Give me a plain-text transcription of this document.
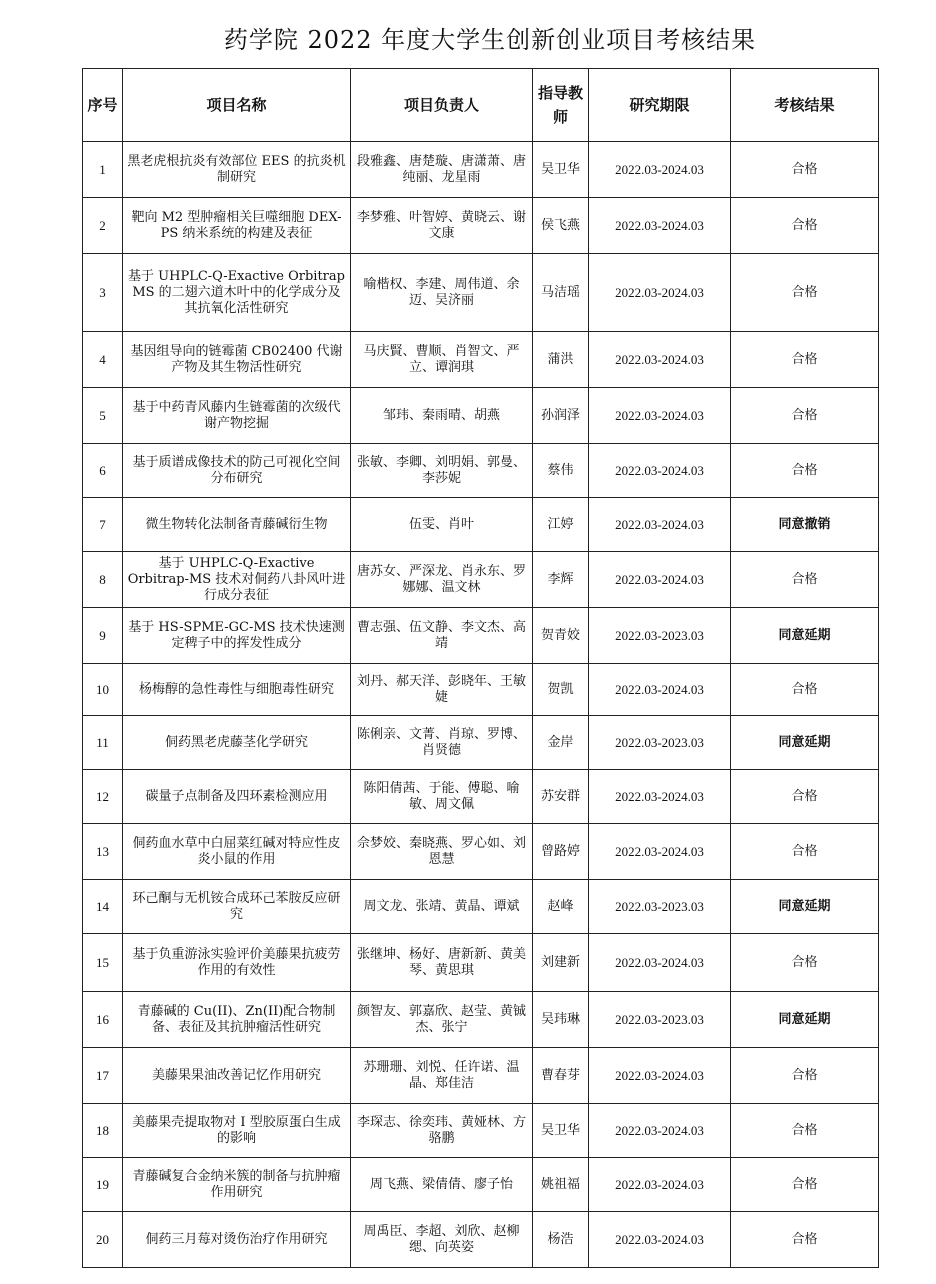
药学院 2022 年度大学生创新创业项目考核结果
序号	项目名称	项目负责人	指导教师	研究期限	考核结果
1	黑老虎根抗炎有效部位 EES 的抗炎机制研究	段雅鑫、唐楚璇、唐潇萧、唐纯丽、龙星雨	吴卫华	2022.03-2024.03	合格
2	靶向 M2 型肿瘤相关巨噬细胞 DEX-PS 纳米系统的构建及表征	李梦雅、叶智婷、黄晓云、谢文康	侯飞燕	2022.03-2024.03	合格
3	基于 UHPLC-Q-Exactive Orbitrap MS 的二翅六道木叶中的化学成分及其抗氧化活性研究	喻楷权、李建、周伟道、余迈、吴济丽	马洁瑶	2022.03-2024.03	合格
4	基因组导向的链霉菌 CB02400 代谢产物及其生物活性研究	马庆賢、曹顺、肖智文、严立、谭润琪	蒲洪	2022.03-2024.03	合格
5	基于中药青风藤内生链霉菌的次级代谢产物挖掘	邹玮、秦雨晴、胡燕	孙润泽	2022.03-2024.03	合格
6	基于质谱成像技术的防己可视化空间分布研究	张敏、李卿、刘明娟、郭曼、李莎妮	蔡伟	2022.03-2024.03	合格
7	微生物转化法制备青藤碱衍生物	伍雯、肖叶	江婷	2022.03-2024.03	同意撤销
8	基于 UHPLC-Q-Exactive Orbitrap-MS 技术对侗药八卦风叶进行成分表征	唐苏女、严深龙、肖永东、罗娜娜、温文林	李辉	2022.03-2024.03	合格
9	基于 HS-SPME-GC-MS 技术快速测定稗子中的挥发性成分	曹志强、伍文静、李文杰、高靖	贺青姣	2022.03-2023.03	同意延期
10	杨梅醇的急性毒性与细胞毒性研究	刘丹、郝天洋、彭晓年、王敏婕	贺凯	2022.03-2024.03	合格
11	侗药黑老虎藤茎化学研究	陈俐亲、文菁、肖琼、罗博、肖贤德	金岸	2022.03-2023.03	同意延期
12	碳量子点制备及四环素检测应用	陈阳倩茜、于能、傅聪、喻敏、周文佩	苏安群	2022.03-2024.03	合格
13	侗药血水草中白屈菜红碱对特应性皮炎小鼠的作用	佘梦姣、秦晓燕、罗心如、刘恩慧	曾路婷	2022.03-2024.03	合格
14	环己酮与无机铵合成环己苯胺反应研究	周文龙、张靖、黄晶、谭斌	赵峰	2022.03-2023.03	同意延期
15	基于负重游泳实验评价美藤果抗疲劳作用的有效性	张继坤、杨好、唐新新、黄美琴、黄思琪	刘建新	2022.03-2024.03	合格
16	青藤碱的 Cu(II)、Zn(II)配合物制备、表征及其抗肿瘤活性研究	颜智友、郭嘉欣、赵莹、黄铖杰、张宁	吴玮琳	2022.03-2023.03	同意延期
17	美藤果果油改善记忆作用研究	苏珊珊、刘悦、任许诺、温晶、郑佳洁	曹春芽	2022.03-2024.03	合格
18	美藤果壳提取物对 I 型胶原蛋白生成的影响	李琛志、徐奕玮、黄娅林、方骆鹏	吴卫华	2022.03-2024.03	合格
19	青藤碱复合金纳米簇的制备与抗肿瘤作用研究	周飞燕、梁倩倩、廖子怡	姚祖福	2022.03-2024.03	合格
20	侗药三月莓对烫伤治疗作用研究	周禹臣、李超、刘欣、赵柳缌、向英姿	杨浩	2022.03-2024.03	合格
